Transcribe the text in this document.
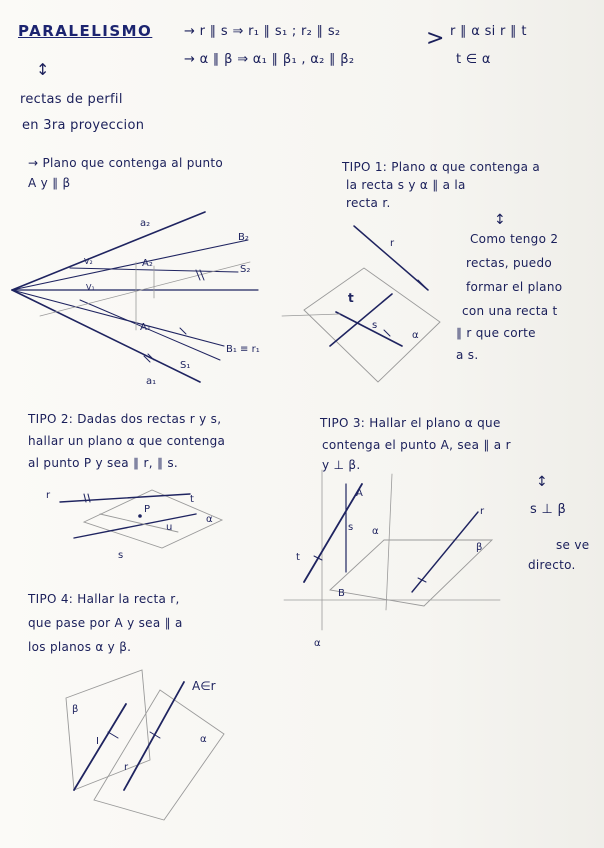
PARALELISMO → r ∥ s ⇒ r₁ ∥ s₁ ; r₂ ∥ s₂
→ α ∥ β ⇒ α₁ ∥ β₁ , α₂ ∥ β₂
> r ∥ α si r ∥ t
t ∈ α
↕
rectas de perfil
en 3ra proyeccion
→ Plano que contenga al punto
A y ∥ β
TIPO 1: Plano α que contenga a
la recta s y α ∥ a la
recta r.
↕
Como tengo 2
rectas, puedo
formar el plano
con una recta t
∥ r que corte
a s.
TIPO 2: Dadas dos rectas r y s,
hallar un plano α que contenga
al punto P y sea ∥ r, ∥ s.
TIPO 3: Hallar el plano α que
contenga el punto A, sea ∥ a r
y ⊥ β.
↕
s ⊥ β
se ve
directo.
TIPO 4: Hallar la recta r,
que pase por A y sea ∥ a
los planos α y β.
a₂
B₂
S₂
A₂
A₁
S₁
B₁ ≡ r₁
a₁
V₂
V₁
r
t
s
α
r	t
P
u
α
s
A
s
t
α
r
β
B
α
A∈r
β
I
r
α
